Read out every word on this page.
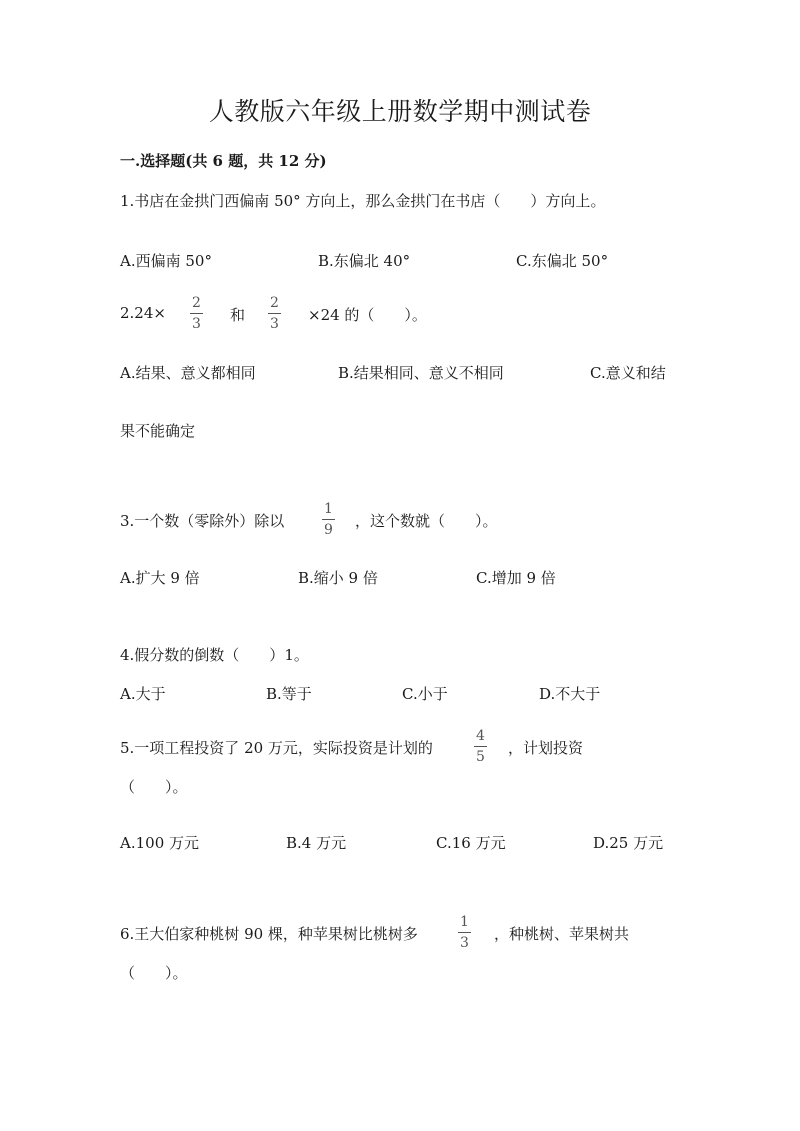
人教版六年级上册数学期中测试卷
一.选择题(共 6 题，共 12 分)
1.书店在金拱门西偏南 50° 方向上，那么金拱门在书店（　　）方向上。
A.西偏南 50°	B.东偏北 40°	C.东偏北 50°
$2.24\times \frac{2}{3}$ 和 $\frac{2}{3} \times 24$ 的（　　）。
A.结果、意义都相同	B.结果相同、意义不相同	C.意义和结
果不能确定
3.一个数（零除外）除以	$\frac{1}{9}$ ，这个数就（　　）。
A.扩大 9 倍	B.缩小 9 倍	C.增加 9 倍
4.假分数的倒数（　　）1。
A.大于	B.等于	C.小于	D.不大于
5.一项工程投资了 20 万元，实际投资是计划的	$\frac{4}{5}$ ，计划投资
（　　）。
A.100 万元	B.4 万元	C.16 万元	D.25 万元
6.王大伯家种桃树 90 棵，种苹果树比桃树多	$\frac{1}{3}$ ，种桃树、苹果树共
（　　）。
